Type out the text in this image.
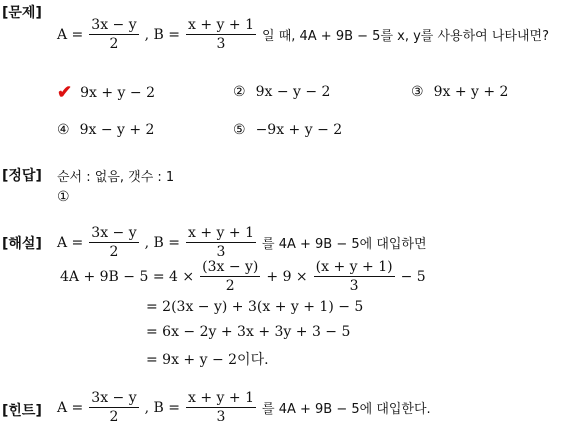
[문제]
$A = \frac{3x - y}{2}$ , $B = \frac{x + y + 1}{3}$ 일 때, 4A + 9B − 5를 x, y를 사용하여 나타내면?
✔ 9x + y − 2	② 9x − y − 2	③ 9x + y + 2
④ 9x − y + 2	⑤ −9x + y − 2
[정답] 순서 : 없음, 갯수 : 1
①
[해설] $A = \frac{3x - y}{2}$ , $B = \frac{x + y + 1}{3}$ 를 4A + 9B − 5에 대입하면
$4A + 9B - 5 = 4 \times \frac{(3x - y)}{2} + 9 \times \frac{(x + y + 1)}{3} - 5$
= 2(3x − y) + 3(x + y + 1) − 5
= 6x − 2y + 3x + 3y + 3 − 5
= 9x + y − 2이다.
[힌트] $A = \frac{3x - y}{2}$ , $B = \frac{x + y + 1}{3}$ 를 4A + 9B − 5에 대입한다.
